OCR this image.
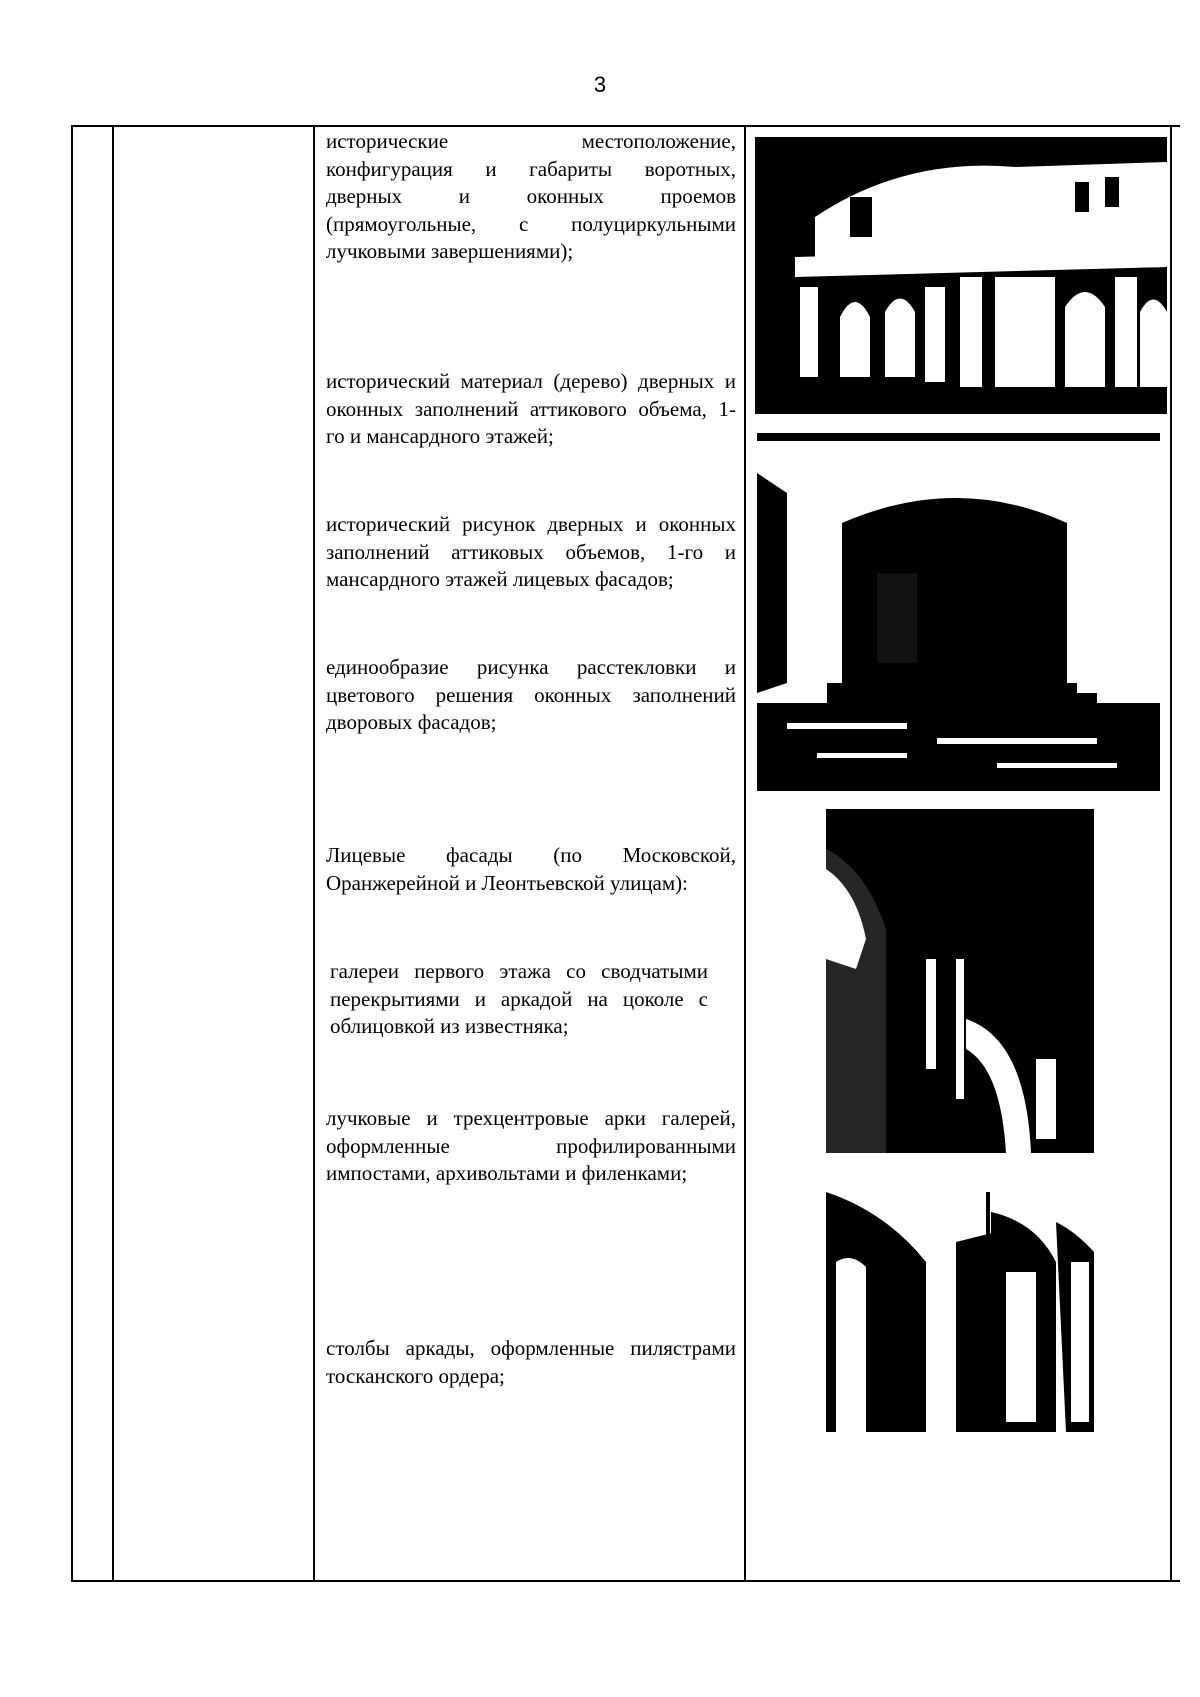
3
исторические местоположение,
конфигурация и габариты воротных,
дверных и оконных проемов
(прямоугольные, с полуциркульными
лучковыми завершениями);
исторический материал (дерево) дверных и
оконных заполнений аттикового объема, 1-
го и мансардного этажей;
исторический рисунок дверных и оконных
заполнений аттиковых объемов, 1-го и
мансардного этажей лицевых фасадов;
единообразие рисунка расстекловки и
цветового решения оконных заполнений
дворовых фасадов;
Лицевые фасады (по Московской,
Оранжерейной и Леонтьевской улицам):
галереи первого этажа со сводчатыми
перекрытиями и аркадой на цоколе с
облицовкой из известняка;
лучковые и трехцентровые арки галерей,
оформленные профилированными
импостами, архивольтами и филенками;
столбы аркады, оформленные пилястрами
тосканского ордера;
